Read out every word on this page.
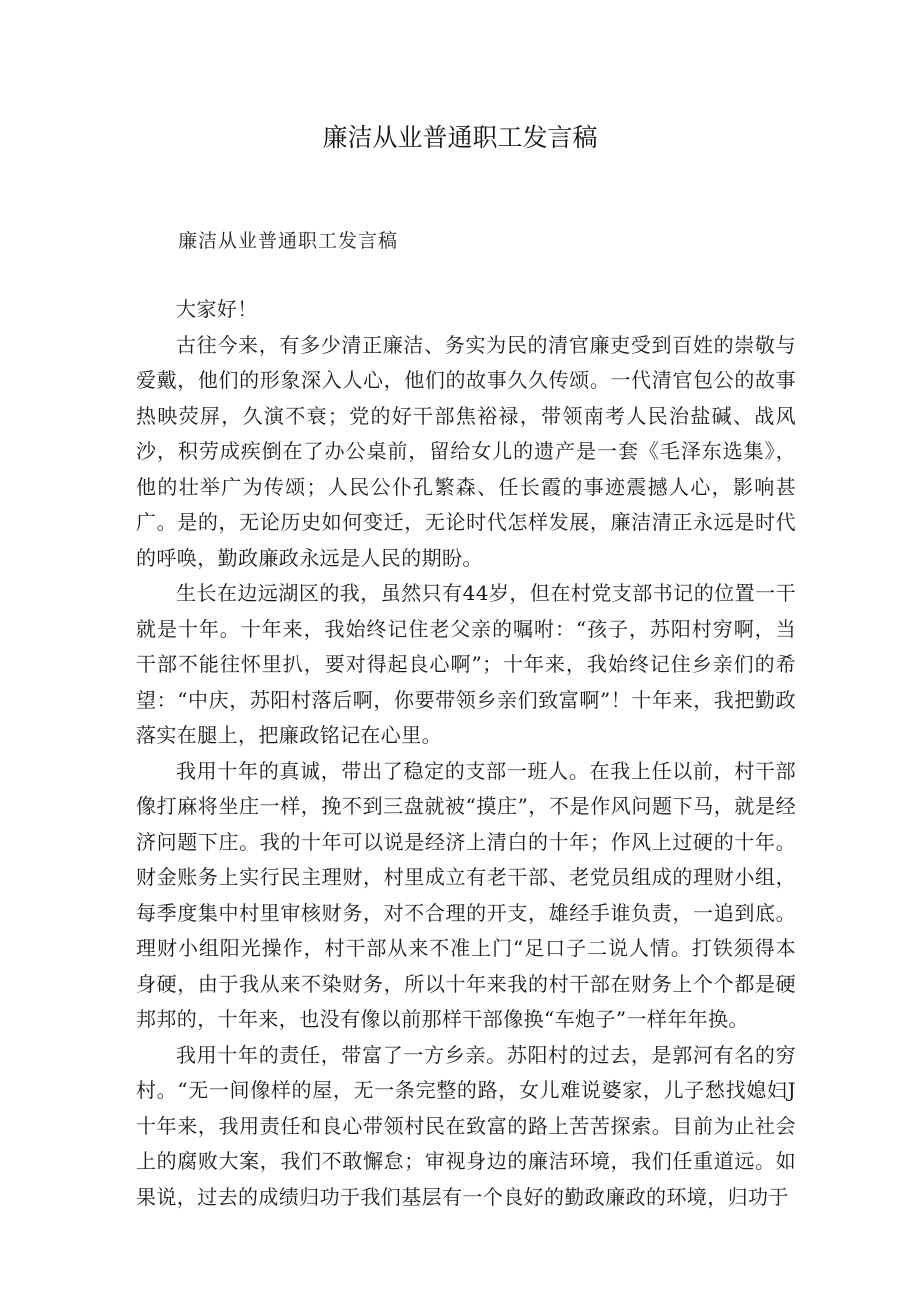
廉洁从业普通职工发言稿
廉洁从业普通职工发言稿

大家好！

古往今来，有多少清正廉洁、务实为民的清官廉吏受到百姓的崇敬与爱戴，他们的形象深入人心，他们的故事久久传颂。一代清官包公的故事热映荧屏，久演不衰；党的好干部焦裕禄，带领南考人民治盐碱、战风沙，积劳成疾倒在了办公桌前，留给女儿的遗产是一套《毛泽东选集》，他的壮举广为传颂；人民公仆孔繁森、任长霞的事迹震撼人心，影响甚广。是的，无论历史如何变迁，无论时代怎样发展，廉洁清正永远是时代的呼唤，勤政廉政永远是人民的期盼。

生长在边远湖区的我，虽然只有44岁，但在村党支部书记的位置一干就是十年。十年来，我始终记住老父亲的嘱咐：“孩子，苏阳村穷啊，当干部不能往怀里扒，要对得起良心啊”；十年来，我始终记住乡亲们的希望：“中庆，苏阳村落后啊，你要带领乡亲们致富啊”！十年来，我把勤政落实在腿上，把廉政铭记在心里。

我用十年的真诚，带出了稳定的支部一班人。在我上任以前，村干部像打麻将坐庄一样，挽不到三盘就被“摸庄”，不是作风问题下马，就是经济问题下庄。我的十年可以说是经济上清白的十年；作风上过硬的十年。财金账务上实行民主理财，村里成立有老干部、老党员组成的理财小组，每季度集中村里审核财务，对不合理的开支，雄经手谁负责，一追到底。理财小组阳光操作，村干部从来不准上门“足口子二说人情。打铁须得本身硬，由于我从来不染财务，所以十年来我的村干部在财务上个个都是硬邦邦的，十年来，也没有像以前那样干部像换“车炮子”一样年年换。

我用十年的责任，带富了一方乡亲。苏阳村的过去，是郭河有名的穷村。“无一间像样的屋，无一条完整的路，女儿难说婆家，儿子愁找媳妇J十年来，我用责任和良心带领村民在致富的路上苦苦探索。目前为止社会上的腐败大案，我们不敢懈怠；审视身边的廉洁环境，我们任重道远。如果说，过去的成绩归功于我们基层有一个良好的勤政廉政的环境，归功于
